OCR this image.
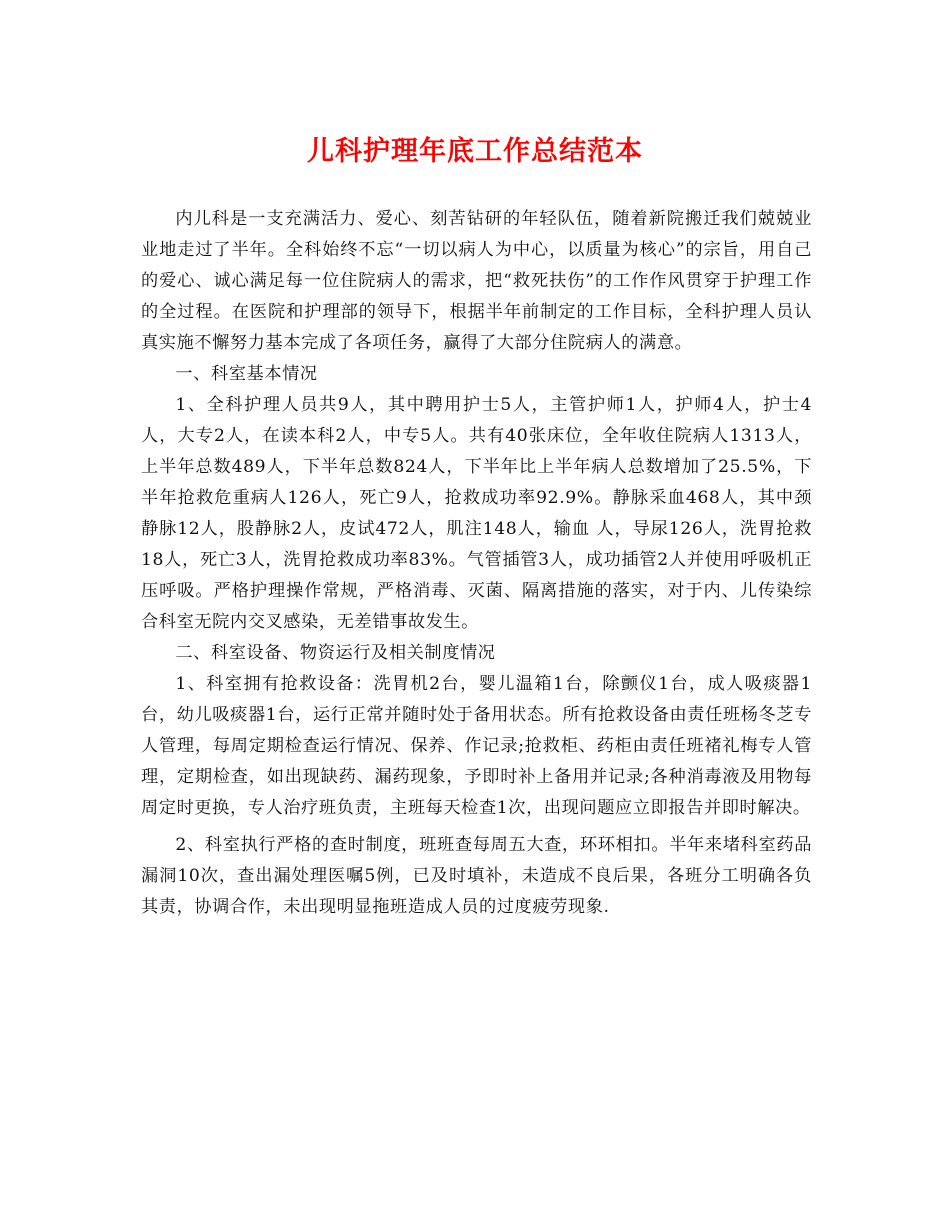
儿科护理年底工作总结范本

内儿科是一支充满活力、爱心、刻苦钻研的年轻队伍，随着新院搬迁我们兢兢业业地走过了半年。全科始终不忘“一切以病人为中心，以质量为核心”的宗旨，用自己的爱心、诚心满足每一位住院病人的需求，把“救死扶伤”的工作作风贯穿于护理工作的全过程。在医院和护理部的领导下，根据半年前制定的工作目标，全科护理人员认真实施不懈努力基本完成了各项任务，赢得了大部分住院病人的满意。

一、科室基本情况

1、全科护理人员共9人，其中聘用护士5人，主管护师1人，护师4人，护士4人，大专2人，在读本科2人，中专5人。共有40张床位，全年收住院病人1313人，上半年总数489人，下半年总数824人，下半年比上半年病人总数增加了25.5%，下半年抢救危重病人126人，死亡9人，抢救成功率92.9%。静脉采血468人，其中颈静脉12人，股静脉2人，皮试472人，肌注148人，输血 人，导尿126人，洗胃抢救18人，死亡3人，洗胃抢救成功率83%。气管插管3人，成功插管2人并使用呼吸机正压呼吸。严格护理操作常规，严格消毒、灭菌、隔离措施的落实，对于内、儿传染综合科室无院内交叉感染，无差错事故发生。

二、科室设备、物资运行及相关制度情况

1、科室拥有抢救设备：洗胃机2台，婴儿温箱1台，除颤仪1台，成人吸痰器1台，幼儿吸痰器1台，运行正常并随时处于备用状态。所有抢救设备由责任班杨冬芝专人管理，每周定期检查运行情况、保养、作记录;抢救柜、药柜由责任班褚礼梅专人管理，定期检查，如出现缺药、漏药现象，予即时补上备用并记录;各种消毒液及用物每周定时更换，专人治疗班负责，主班每天检查1次，出现问题应立即报告并即时解决。

2、科室执行严格的查时制度，班班查每周五大查，环环相扣。半年来堵科室药品漏洞10次，查出漏处理医嘱5例，已及时填补，未造成不良后果，各班分工明确各负其责，协调合作，未出现明显拖班造成人员的过度疲劳现象.
